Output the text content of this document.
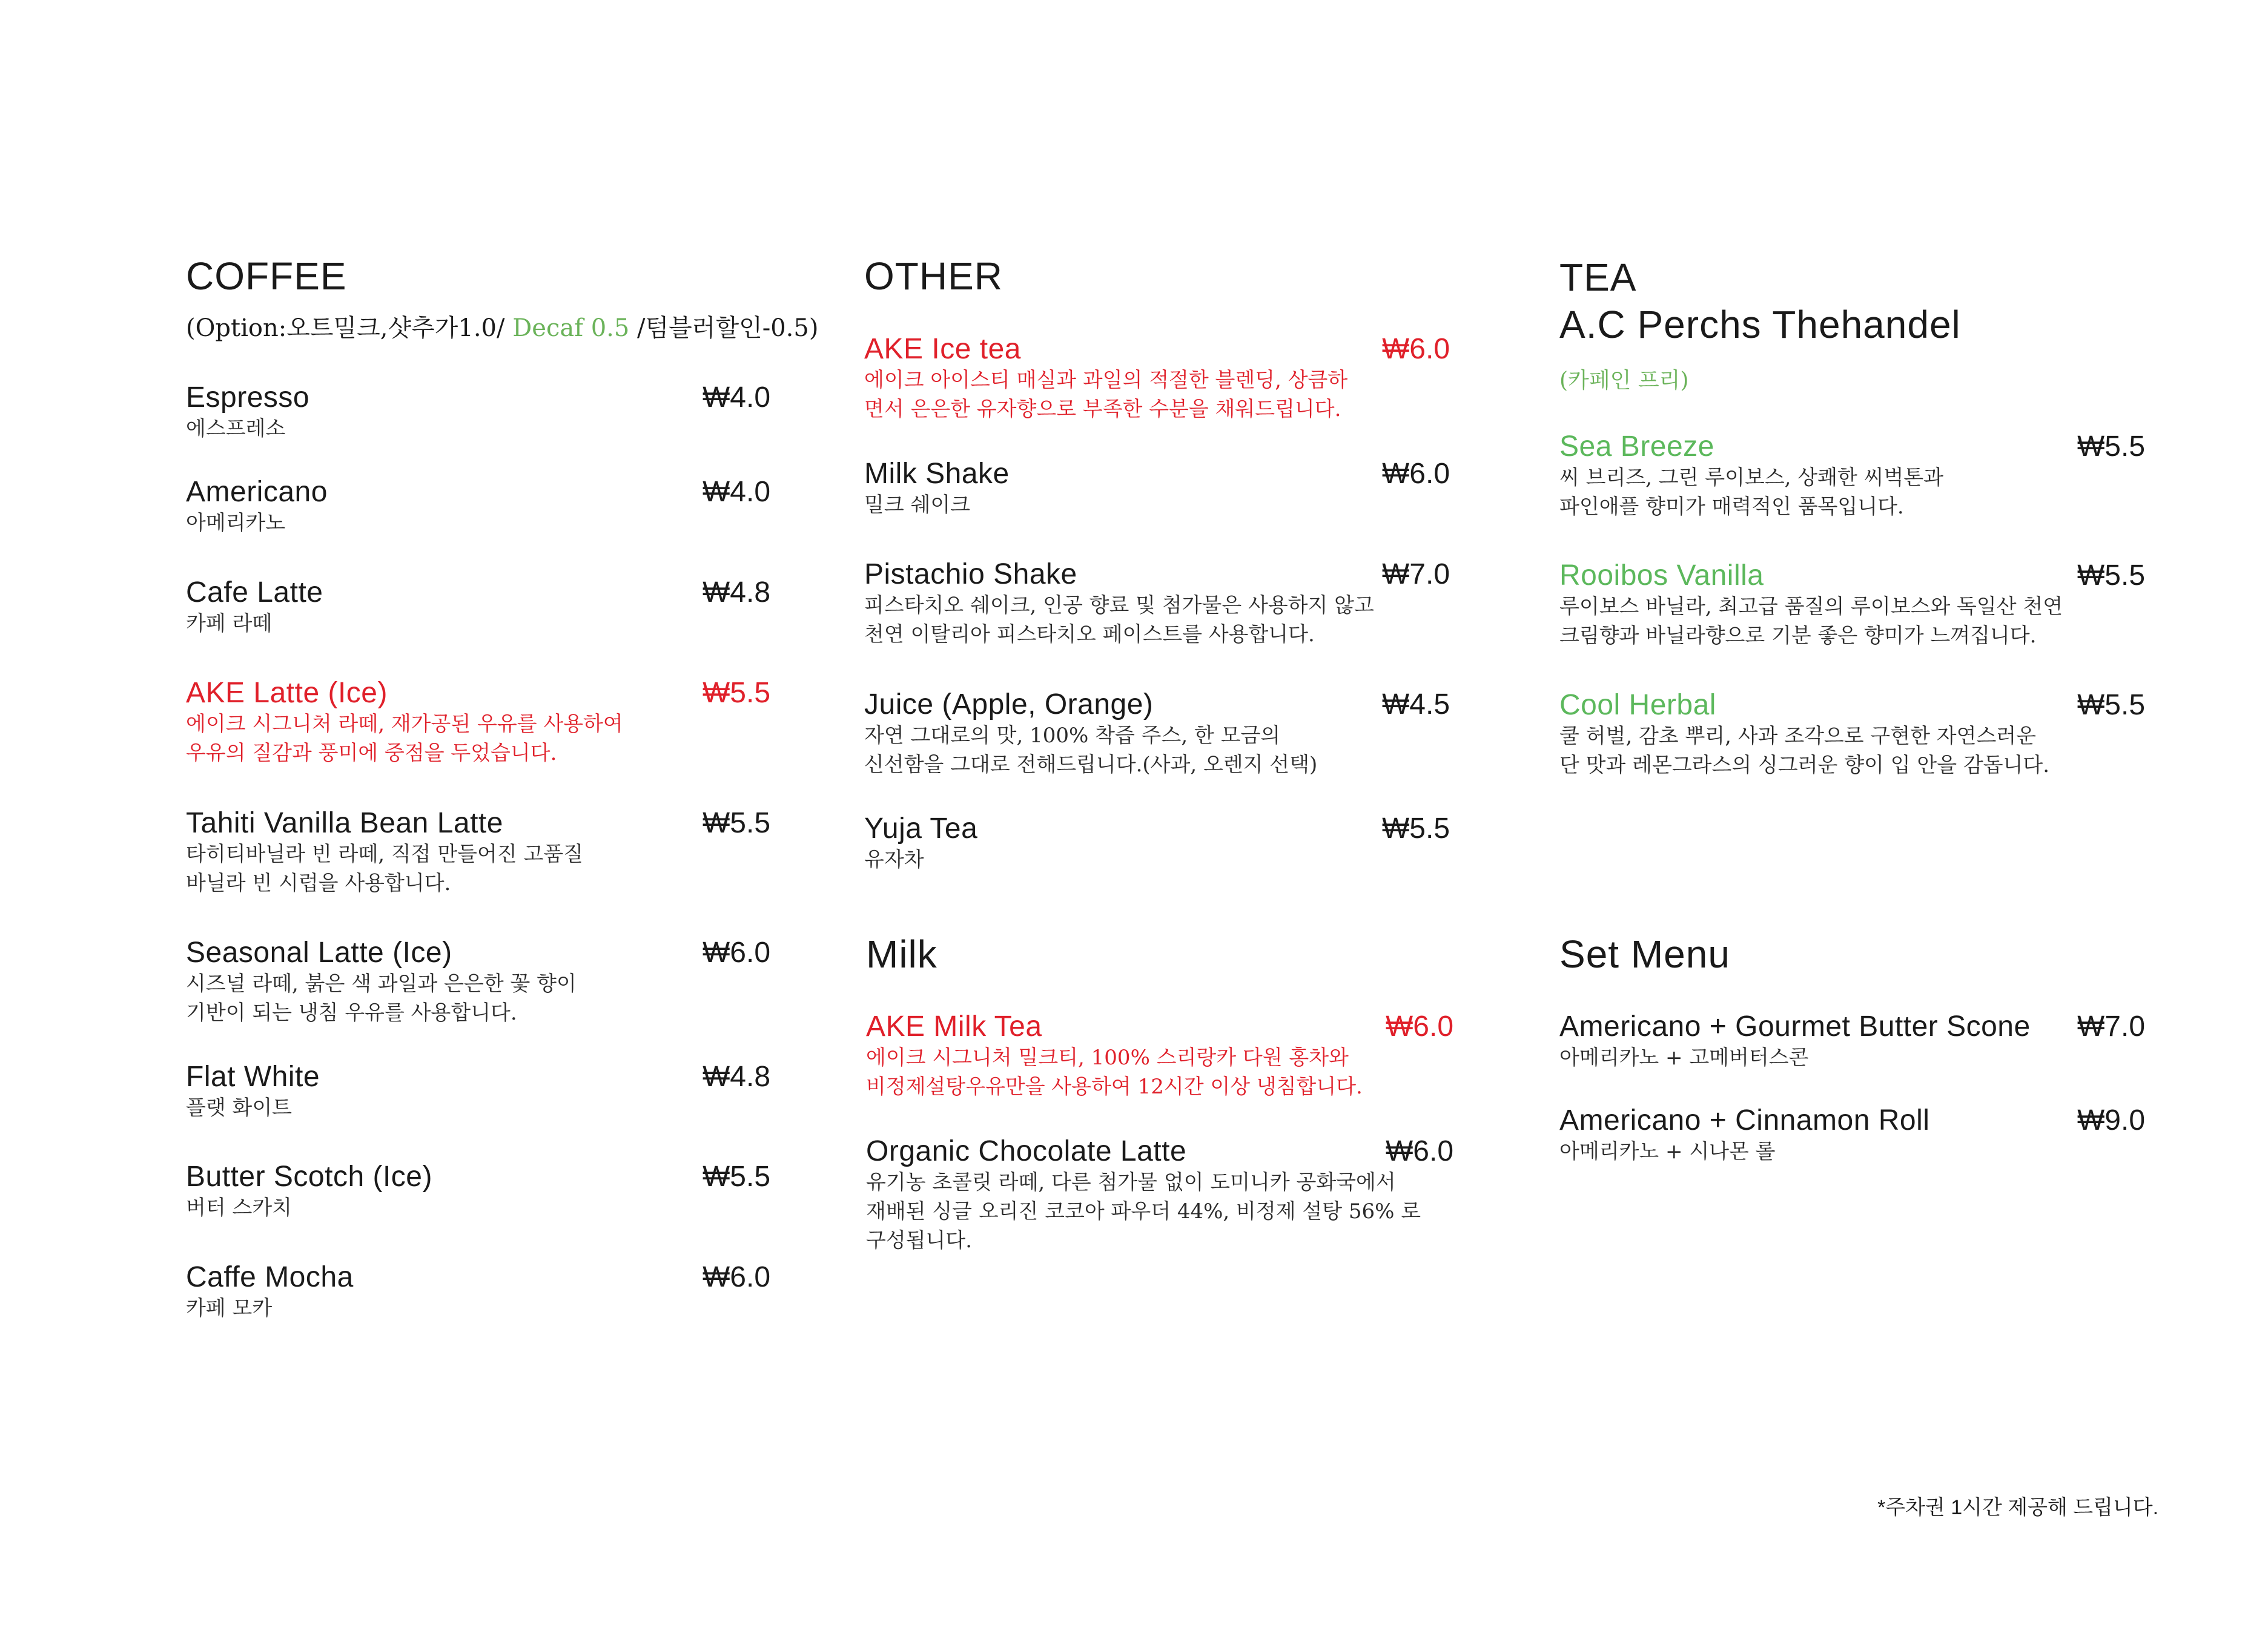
COFFEE
(Option:오트밀크,샷추가1.0/ Decaf 0.5 /텀블러할인-0.5)
Espresso	₩4.0
에스프레소
Americano	₩4.0
아메리카노
Cafe Latte	₩4.8
카페 라떼
AKE Latte (Ice)	₩5.5
에이크 시그니처 라떼, 재가공된 우유를 사용하여
우유의 질감과 풍미에 중점을 두었습니다.
Tahiti Vanilla Bean Latte	₩5.5
타히티바닐라 빈 라떼, 직접 만들어진 고품질
바닐라 빈 시럽을 사용합니다.
Seasonal Latte (Ice)	₩6.0
시즈널 라떼, 붉은 색 과일과 은은한 꽃 향이
기반이 되는 냉침 우유를 사용합니다.
Flat White	₩4.8
플랫 화이트
Butter Scotch (Ice)	₩5.5
버터 스카치
Caffe Mocha	₩6.0
카페 모카
OTHER
AKE Ice tea	₩6.0
에이크 아이스티 매실과 과일의 적절한 블렌딩, 상큼하
면서 은은한 유자향으로 부족한 수분을 채워드립니다.
Milk Shake	₩6.0
밀크 쉐이크
Pistachio Shake	₩7.0
피스타치오 쉐이크, 인공 향료 및 첨가물은 사용하지 않고
천연 이탈리아 피스타치오 페이스트를 사용합니다.
Juice (Apple, Orange)	₩4.5
자연 그대로의 맛, 100% 착즙 주스, 한 모금의
신선함을 그대로 전해드립니다.(사과, 오렌지 선택)
Yuja Tea	₩5.5
유자차
Milk
AKE Milk Tea	₩6.0
에이크 시그니처 밀크티, 100% 스리랑카 다원 홍차와
비정제설탕우유만을 사용하여 12시간 이상 냉침합니다.
Organic Chocolate Latte	₩6.0
유기농 초콜릿 라떼, 다른 첨가물 없이 도미니카 공화국에서
재배된 싱글 오리진 코코아 파우더 44%, 비정제 설탕 56% 로
구성됩니다.
TEA
A.C Perchs Thehandel
(카페인 프리)
Sea Breeze	₩5.5
씨 브리즈, 그린 루이보스, 상쾌한 씨벅톤과
파인애플 향미가 매력적인 품목입니다.
Rooibos Vanilla	₩5.5
루이보스 바닐라, 최고급 품질의 루이보스와 독일산 천연
크림향과 바닐라향으로 기분 좋은 향미가 느껴집니다.
Cool Herbal	₩5.5
쿨 허벌, 감초 뿌리, 사과 조각으로 구현한 자연스러운
단 맛과 레몬그라스의 싱그러운 향이 입 안을 감돕니다.
Set Menu
Americano + Gourmet Butter Scone ₩7.0
아메리카노 + 고메버터스콘
Americano + Cinnamon Roll	₩9.0
아메리카노 + 시나몬 롤
*주차권 1시간 제공해 드립니다.
